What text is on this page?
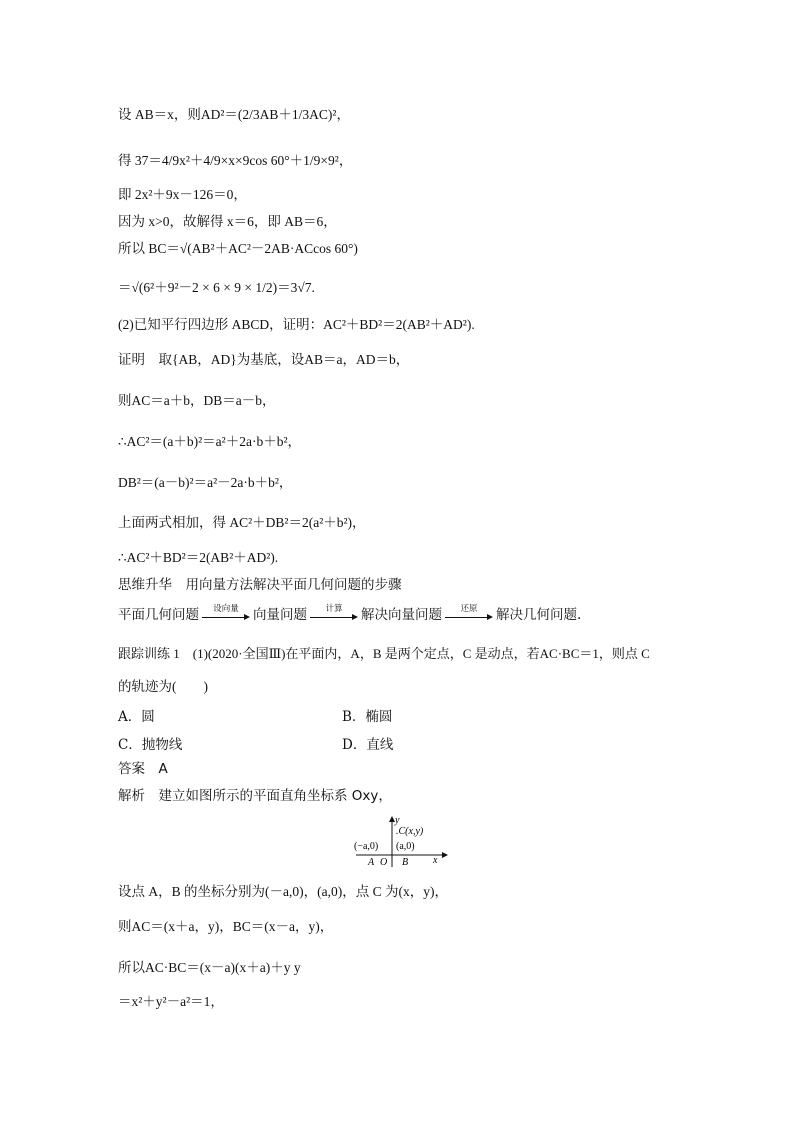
设 AB＝x，则AD²＝(2/3AB＋1/3AC)²，
得 37＝4/9x²＋4/9×x×9cos 60°＋1/9×9²，
即 2x²＋9x－126＝0，
因为 x>0，故解得 x＝6，即 AB＝6，
所以 BC＝√(AB²＋AC²－2AB·ACcos 60°)
＝√(6²＋9²－2 × 6 × 9 × 1/2)＝3√7.
(2)已知平行四边形 ABCD，证明：AC²＋BD²＝2(AB²＋AD²).
证明　取{AB，AD}为基底，设AB＝a，AD＝b，
则AC＝a＋b，DB＝a－b，
∴AC²＝(a＋b)²＝a²＋2a·b＋b²，
DB²＝(a－b)²＝a²－2a·b＋b²，
上面两式相加，得 AC²＋DB²＝2(a²＋b²)，
∴AC²＋BD²＝2(AB²＋AD²).
思维升华　用向量方法解决平面几何问题的步骤
平面几何问题 设向量 向量问题 计算 解决向量问题 还原 解决几何问题.
跟踪训练 1　(1)(2020·全国Ⅲ)在平面内，A，B 是两个定点，C 是动点，若AC·BC＝1，则点 C
的轨迹为(　　)
A．圆	B．椭圆
C．抛物线	D．直线
答案　A
解析　建立如图所示的平面直角坐标系 Oxy，
y
x
.C(x,y)
(−a,0) (a,0)
A O B
设点 A，B 的坐标分别为(－a,0)，(a,0)，点 C 为(x，y)，
则AC＝(x＋a，y)，BC＝(x－a，y)，
所以AC·BC＝(x－a)(x＋a)＋y y
＝x²＋y²－a²＝1，
